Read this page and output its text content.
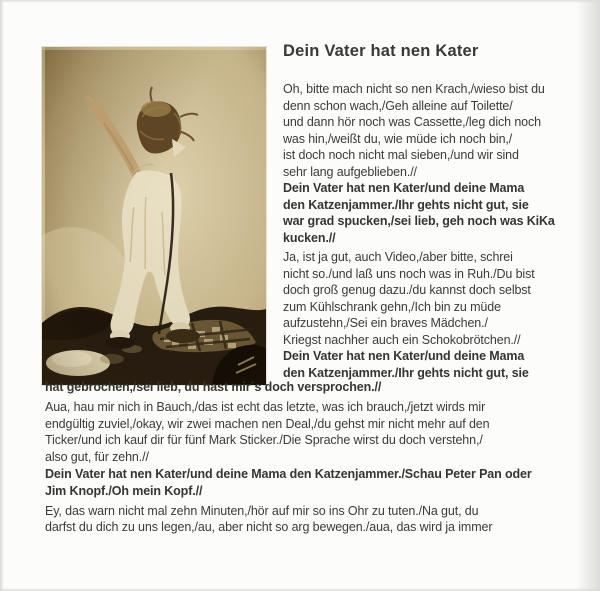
Dein Vater hat nen Kater
Oh, bitte mach nicht so nen Krach,/wieso bist du
denn schon wach,/Geh alleine auf Toilette/
und dann hör noch was Cassette,/leg dich noch
was hin,/weißt du, wie müde ich noch bin,/
ist doch noch nicht mal sieben,/und wir sind
sehr lang aufgeblieben.//
Dein Vater hat nen Kater/und deine Mama
den Katzenjammer./Ihr gehts nicht gut, sie
war grad spucken,/sei lieb, geh noch was KiKa
kucken.//
Ja, ist ja gut, auch Video,/aber bitte, schrei
nicht so./und laß uns noch was in Ruh./Du bist
doch groß genug dazu./du kannst doch selbst
zum Kühlschrank gehn,/Ich bin zu müde
aufzustehn,/Sei ein braves Mädchen./
Kriegst nachher auch ein Schokobrötchen.//
Dein Vater hat nen Kater/und deine Mama
den Katzenjammer./Ihr gehts nicht gut, sie
hat gebrochen,/sei lieb, du hast mir´s doch versprochen.//
Aua, hau mir nich in Bauch,/das ist echt das letzte, was ich brauch,/jetzt wirds mir
endgültig zuviel,/okay, wir zwei machen nen Deal,/du gehst mir nicht mehr auf den
Ticker/und ich kauf dir für fünf Mark Sticker./Die Sprache wirst du doch verstehn,/
also gut, für zehn.//
Dein Vater hat nen Kater/und deine Mama den Katzenjammer./Schau Peter Pan oder
Jim Knopf./Oh mein Kopf.//
Ey, das warn nicht mal zehn Minuten,/hör auf mir so ins Ohr zu tuten./Na gut, du
darfst du dich zu uns legen,/au, aber nicht so arg bewegen./aua, das wird ja immer
